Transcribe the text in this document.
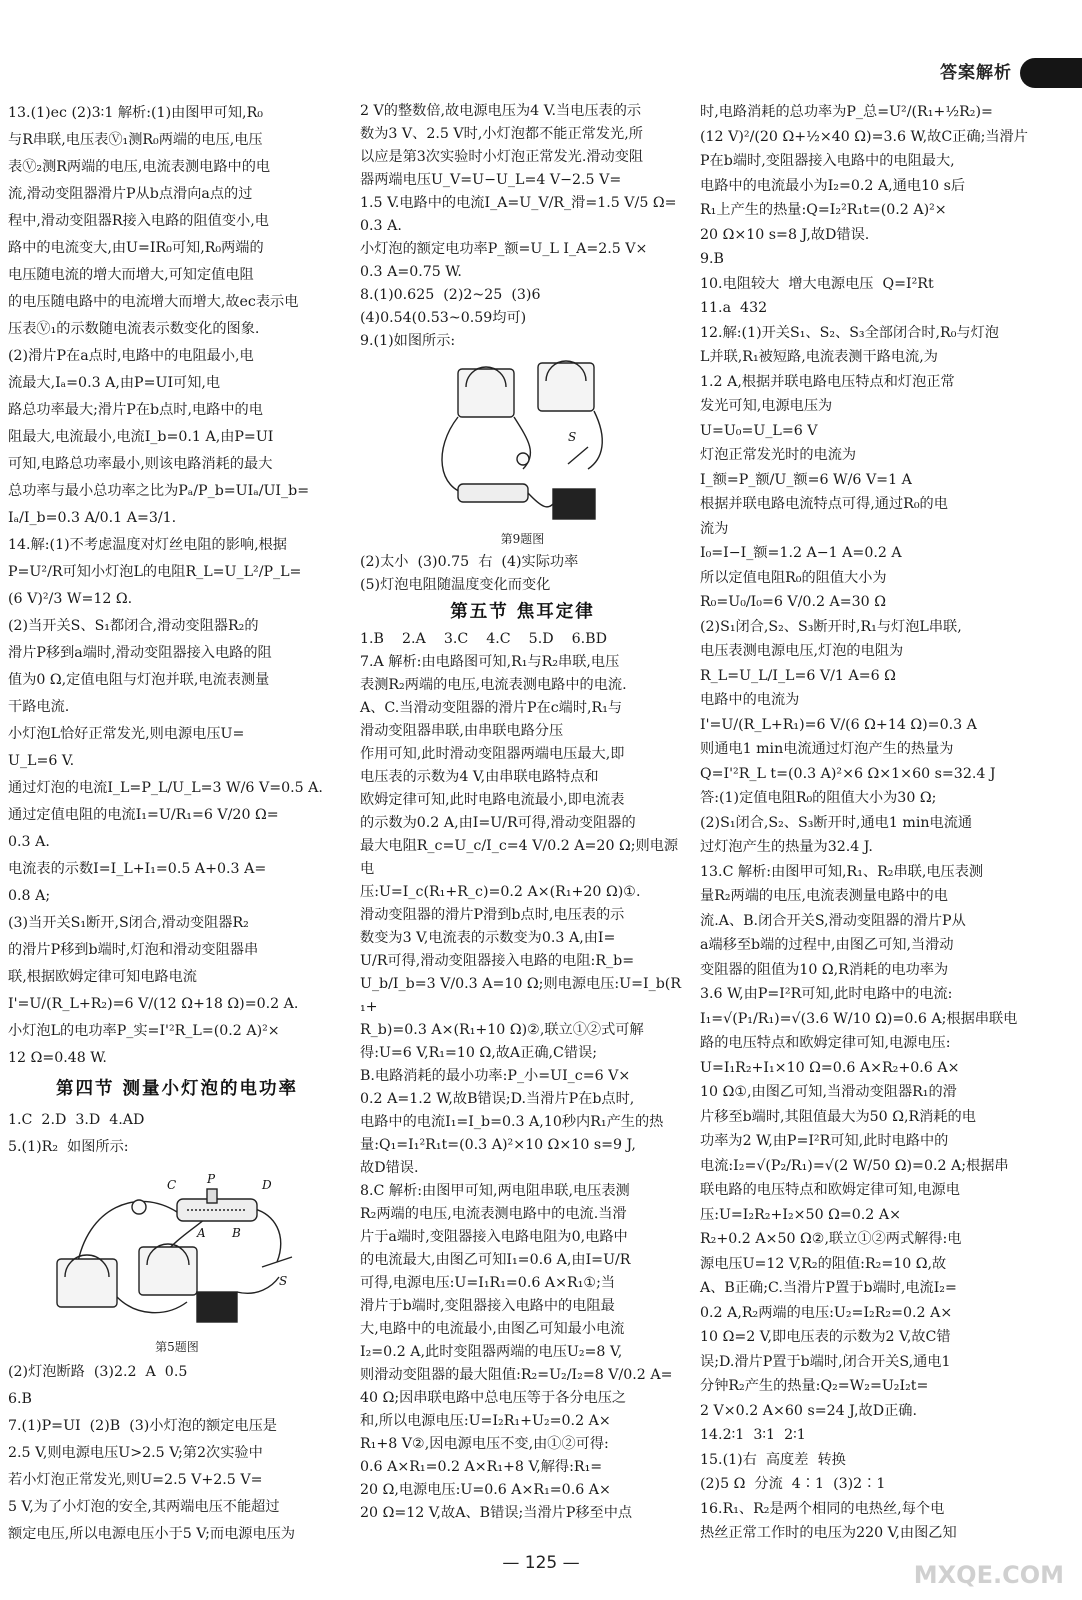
答案解析

13.(1)ec (2)3∶1 解析:(1)由图甲可知,R₀

与R串联,电压表Ⓥ₁测R₀两端的电压,电压

表Ⓥ₂测R两端的电压,电流表测电路中的电

流,滑动变阻器滑片P从b点滑向a点的过

程中,滑动变阻器R接入电路的阻值变小,电

路中的电流变大,由U=IR₀可知,R₀两端的

电压随电流的增大而增大,可知定值电阻

的电压随电路中的电流增大而增大,故ec表示电

压表Ⓥ₁的示数随电流表示数变化的图象.

(2)滑片P在a点时,电路中的电阻最小,电

流最大,Iₐ=0.3 A,由P=UI可知,电

路总功率最大;滑片P在b点时,电路中的电

阻最大,电流最小,电流I_b=0.1 A,由P=UI

可知,电路总功率最小,则该电路消耗的最大

总功率与最小总功率之比为Pₐ/P_b=UIₐ/UI_b=

Iₐ/I_b=0.3 A/0.1 A=3/1.

14.解:(1)不考虑温度对灯丝电阻的影响,根据

P=U²/R可知小灯泡L的电阻R_L=U_L²/P_L=

(6 V)²/3 W=12 Ω.

(2)当开关S、S₁都闭合,滑动变阻器R₂的

滑片P移到a端时,滑动变阻器接入电路的阻

值为0 Ω,定值电阻与灯泡并联,电流表测量

干路电流.

小灯泡L恰好正常发光,则电源电压U=

U_L=6 V.

通过灯泡的电流I_L=P_L/U_L=3 W/6 V=0.5 A.

通过定值电阻的电流I₁=U/R₁=6 V/20 Ω=

0.3 A.

电流表的示数I=I_L+I₁=0.5 A+0.3 A=

0.8 A;

(3)当开关S₁断开,S闭合,滑动变阻器R₂

的滑片P移到b端时,灯泡和滑动变阻器串

联,根据欧姆定律可知电路电流

I'=U/(R_L+R₂)=6 V/(12 Ω+18 Ω)=0.2 A.

小灯泡L的电功率P_实=I'²R_L=(0.2 A)²×

12 Ω=0.48 W.

第四节 测量小灯泡的电功率

1.C  2.D  3.D  4.AD

5.(1)R₂  如图所示:

C	P	D
A B
S
第5题图

(2)灯泡断路  (3)2.2  A  0.5

6.B

7.(1)P=UI  (2)B  (3)小灯泡的额定电压是

2.5 V,则电源电压U>2.5 V;第2次实验中

若小灯泡正常发光,则U=2.5 V+2.5 V=

5 V,为了小灯泡的安全,其两端电压不能超过

额定电压,所以电源电压小于5 V;而电源电压为

2 V的整数倍,故电源电压为4 V.当电压表的示

数为3 V、2.5 V时,小灯泡都不能正常发光,所

以应是第3次实验时小灯泡正常发光.滑动变阻

器两端电压U_V=U−U_L=4 V−2.5 V=

1.5 V.电路中的电流I_A=U_V/R_滑=1.5 V/5 Ω=0.3 A.

小灯泡的额定电功率P_额=U_L I_A=2.5 V×

0.3 A=0.75 W.

8.(1)0.625  (2)2~25  (3)6

(4)0.54(0.53~0.59均可)

9.(1)如图所示:

S
第9题图

(2)太小  (3)0.75  右  (4)实际功率

(5)灯泡电阻随温度变化而变化

第五节 焦耳定律

1.B    2.A    3.C    4.C    5.D    6.BD

7.A 解析:由电路图可知,R₁与R₂串联,电压

表测R₂两端的电压,电流表测电路中的电流.

A、C.当滑动变阻器的滑片P在c端时,R₁与

滑动变阻器串联,由串联电路分压

作用可知,此时滑动变阻器两端电压最大,即

电压表的示数为4 V,由串联电路特点和

欧姆定律可知,此时电路电流最小,即电流表

的示数为0.2 A,由I=U/R可得,滑动变阻器的

最大电阻R_c=U_c/I_c=4 V/0.2 A=20 Ω;则电源电

压:U=I_c(R₁+R_c)=0.2 A×(R₁+20 Ω)①.

滑动变阻器的滑片P滑到b点时,电压表的示

数变为3 V,电流表的示数变为0.3 A,由I=

U/R可得,滑动变阻器接入电路的电阻:R_b=

U_b/I_b=3 V/0.3 A=10 Ω;则电源电压:U=I_b(R₁+

R_b)=0.3 A×(R₁+10 Ω)②,联立①②式可解

得:U=6 V,R₁=10 Ω,故A正确,C错误;

B.电路消耗的最小功率:P_小=UI_c=6 V×

0.2 A=1.2 W,故B错误;D.当滑片P在b点时,

电路中的电流I₁=I_b=0.3 A,10秒内R₁产生的热

量:Q₁=I₁²R₁t=(0.3 A)²×10 Ω×10 s=9 J,

故D错误.

8.C 解析:由图甲可知,两电阻串联,电压表测

R₂两端的电压,电流表测电路中的电流.当滑

片于a端时,变阻器接入电路电阻为0,电路中

的电流最大,由图乙可知I₁=0.6 A,由I=U/R

可得,电源电压:U=I₁R₁=0.6 A×R₁①;当

滑片于b端时,变阻器接入电路中的电阻最

大,电路中的电流最小,由图乙可知最小电流

I₂=0.2 A,此时变阻器两端的电压U₂=8 V,

则滑动变阻器的最大阻值:R₂=U₂/I₂=8 V/0.2 A=

40 Ω;因串联电路中总电压等于各分电压之

和,所以电源电压:U=I₂R₁+U₂=0.2 A×

R₁+8 V②,因电源电压不变,由①②可得:

0.6 A×R₁=0.2 A×R₁+8 V,解得:R₁=

20 Ω,电源电压:U=0.6 A×R₁=0.6 A×

20 Ω=12 V,故A、B错误;当滑片P移至中点

时,电路消耗的总功率为P_总=U²/(R₁+½R₂)=

(12 V)²/(20 Ω+½×40 Ω)=3.6 W,故C正确;当滑片

P在b端时,变阻器接入电路中的电阻最大,

电路中的电流最小为I₂=0.2 A,通电10 s后

R₁上产生的热量:Q=I₂²R₁t=(0.2 A)²×

20 Ω×10 s=8 J,故D错误.

9.B

10.电阻较大  增大电源电压  Q=I²Rt

11.a  432

12.解:(1)开关S₁、S₂、S₃全部闭合时,R₀与灯泡

L并联,R₁被短路,电流表测干路电流,为

1.2 A,根据并联电路电压特点和灯泡正常

发光可知,电源电压为

U=U₀=U_L=6 V

灯泡正常发光时的电流为

I_额=P_额/U_额=6 W/6 V=1 A

根据并联电路电流特点可得,通过R₀的电

流为

I₀=I−I_额=1.2 A−1 A=0.2 A

所以定值电阻R₀的阻值大小为

R₀=U₀/I₀=6 V/0.2 A=30 Ω

(2)S₁闭合,S₂、S₃断开时,R₁与灯泡L串联,

电压表测电源电压,灯泡的电阻为

R_L=U_L/I_L=6 V/1 A=6 Ω

电路中的电流为

I'=U/(R_L+R₁)=6 V/(6 Ω+14 Ω)=0.3 A

则通电1 min电流通过灯泡产生的热量为

Q=I'²R_L t=(0.3 A)²×6 Ω×1×60 s=32.4 J

答:(1)定值电阻R₀的阻值大小为30 Ω;

(2)S₁闭合,S₂、S₃断开时,通电1 min电流通

过灯泡产生的热量为32.4 J.

13.C 解析:由图甲可知,R₁、R₂串联,电压表测

量R₂两端的电压,电流表测量电路中的电

流.A、B.闭合开关S,滑动变阻器的滑片P从

a端移至b端的过程中,由图乙可知,当滑动

变阻器的阻值为10 Ω,R消耗的电功率为

3.6 W,由P=I²R可知,此时电路中的电流:

I₁=√(P₁/R₁)=√(3.6 W/10 Ω)=0.6 A;根据串联电

路的电压特点和欧姆定律可知,电源电压:

U=I₁R₂+I₁×10 Ω=0.6 A×R₂+0.6 A×

10 Ω①,由图乙可知,当滑动变阻器R₁的滑

片移至b端时,其阻值最大为50 Ω,R消耗的电

功率为2 W,由P=I²R可知,此时电路中的

电流:I₂=√(P₂/R₁)=√(2 W/50 Ω)=0.2 A;根据串

联电路的电压特点和欧姆定律可知,电源电

压:U=I₂R₂+I₂×50 Ω=0.2 A×

R₂+0.2 A×50 Ω②,联立①②两式解得:电

源电压U=12 V,R₂的阻值:R₂=10 Ω,故

A、B正确;C.当滑片P置于b端时,电流I₂=

0.2 A,R₂两端的电压:U₂=I₂R₂=0.2 A×

10 Ω=2 V,即电压表的示数为2 V,故C错

误;D.滑片P置于b端时,闭合开关S,通电1

分钟R₂产生的热量:Q₂=W₂=U₂I₂t=

2 V×0.2 A×60 s=24 J,故D正确.

14.2∶1  3∶1  2∶1

15.(1)右  高度差  转换

(2)5 Ω  分流  4∶1  (3)2∶1

16.R₁、R₂是两个相同的电热丝,每个电

热丝正常工作时的电压为220 V,由图乙知

— 125 —	MXQE.COM
